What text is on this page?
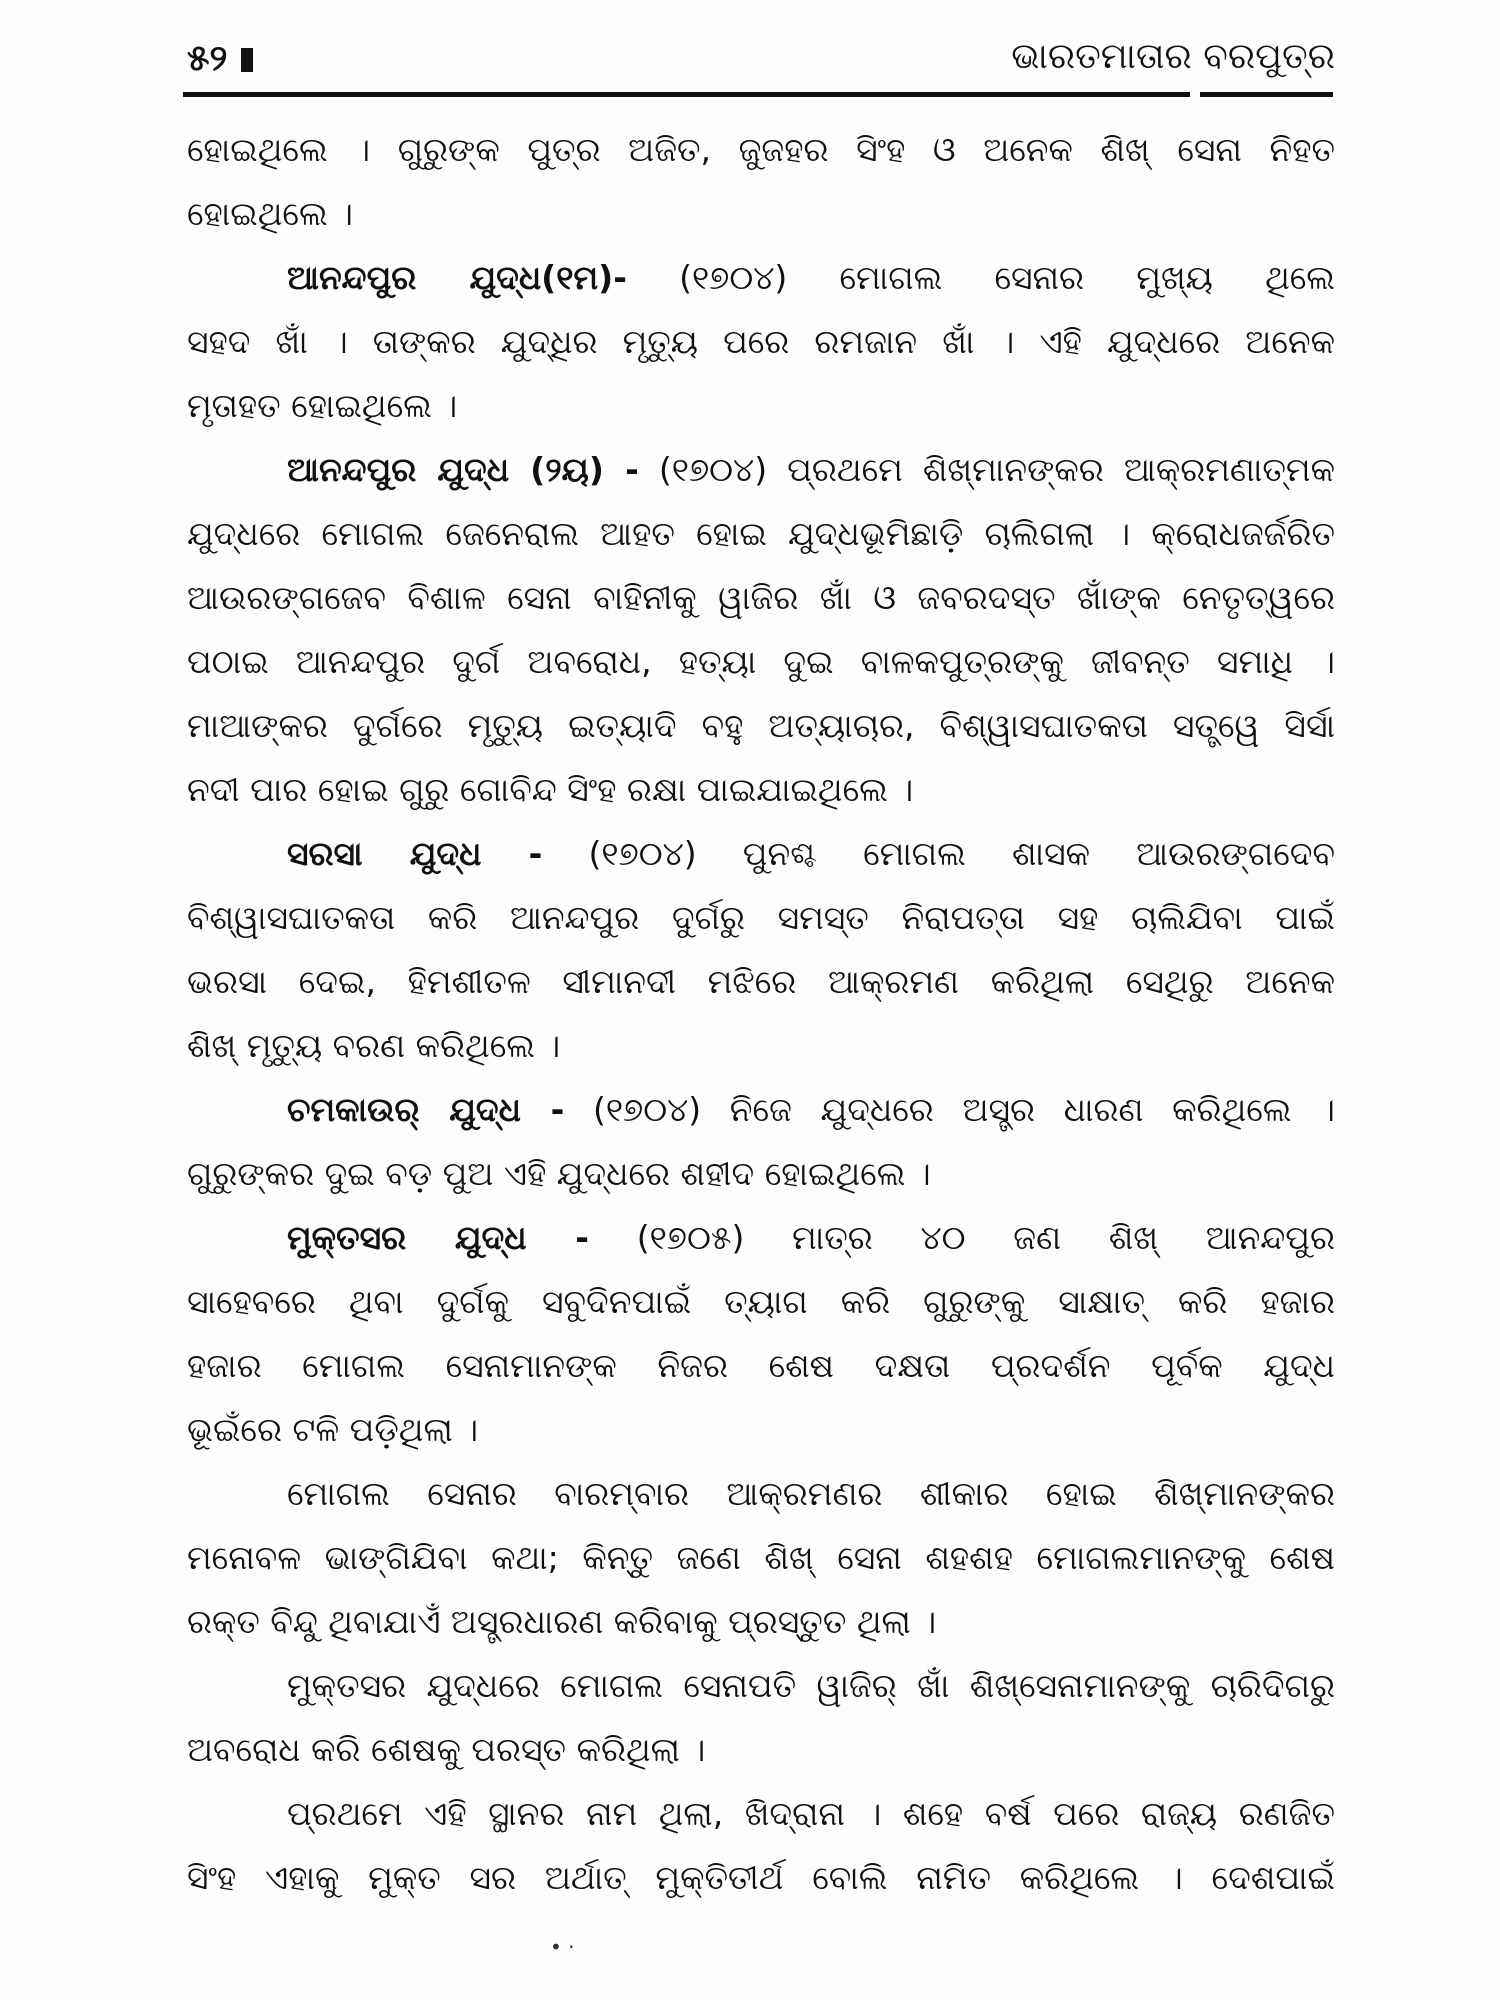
୫୨	ଭାରତମାତାର ବରପୁତ୍ର
ହୋଇଥିଲେ । ଗୁରୁଙ୍କ ପୁତ୍ର ଅଜିତ, ଜୁଜହର ସିଂହ ଓ ଅନେକ ଶିଖ୍ ସେନା ନିହତ
ହୋଇଥିଲେ ।
ଆନନ୍ଦପୁର ଯୁଦ୍ଧ(୧ମ)- (୧୭୦୪) ମୋଗଲ ସେନାର ମୁଖ୍ୟ ଥିଲେ
ସହଦ ଖାଁ । ତାଙ୍କର ଯୁଦ୍ଧିର ମୃତ୍ୟୁ ପରେ ରମଜାନ ଖାଁ । ଏହି ଯୁଦ୍ଧରେ ଅନେକ
ମୃତାହତ ହୋଇଥିଲେ ।
ଆନନ୍ଦପୁର ଯୁଦ୍ଧ (୨ୟ) - (୧୭୦୪) ପ୍ରଥମେ ଶିଖ୍ମାନଙ୍କର ଆକ୍ରମଣାତ୍ମକ
ଯୁଦ୍ଧରେ ମୋଗଲ ଜେନେରାଲ ଆହତ ହୋଇ ଯୁଦ୍ଧଭୂମିଛାଡ଼ି ଚାଲିଗଲା । କ୍ରୋଧଜର୍ଜରିତ
ଆଉରଙ୍ଗଜେବ ବିଶାଳ ସେନା ବାହିନୀକୁ ୱାଜିର ଖାଁ ଓ ଜବରଦସ୍ତ ଖାଁଙ୍କ ନେତୃତ୍ୱରେ
ପଠାଇ ଆନନ୍ଦପୁର ଦୁର୍ଗ ଅବରୋଧ, ହତ୍ୟା ଦୁଇ ବାଳକପୁତ୍ରଙ୍କୁ ଜୀବନ୍ତ ସମାଧି ।
ମାଆଙ୍କର ଦୁର୍ଗରେ ମୃତ୍ୟୁ ଇତ୍ୟାଦି ବହୁ ଅତ୍ୟାଚାର, ବିଶ୍ୱାସଘାତକତା ସତ୍ତ୍ୱେ ସିର୍ସା
ନଦୀ ପାର ହୋଇ ଗୁରୁ ଗୋବିନ୍ଦ ସିଂହ ରକ୍ଷା ପାଇଯାଇଥିଲେ ।
ସରସା ଯୁଦ୍ଧ - (୧୭୦୪) ପୁନଶ୍ଚ ମୋଗଲ ଶାସକ ଆଉରଙ୍ଗଦେବ
ବିଶ୍ୱାସଘାତକତା କରି ଆନନ୍ଦପୁର ଦୁର୍ଗରୁ ସମସ୍ତ ନିରାପତ୍ତା ସହ ଚାଲିଯିବା ପାଇଁ
ଭରସା ଦେଇ, ହିମଶୀତଳ ସୀମାନଦୀ ମଝିରେ ଆକ୍ରମଣ କରିଥିଲା ସେଥିରୁ ଅନେକ
ଶିଖ୍ ମୃତ୍ୟୁ ବରଣ କରିଥିଲେ ।
ଚମକାଉର୍ ଯୁଦ୍ଧ - (୧୭୦୪) ନିଜେ ଯୁଦ୍ଧରେ ଅସ୍ତ୍ର ଧାରଣ କରିଥିଲେ ।
ଗୁରୁଙ୍କର ଦୁଇ ବଡ଼ ପୁଅ ଏହି ଯୁଦ୍ଧରେ ଶହୀଦ ହୋଇଥିଲେ ।
ମୁକ୍ତସର ଯୁଦ୍ଧ - (୧୭୦୫) ମାତ୍ର ୪୦ ଜଣ ଶିଖ୍ ଆନନ୍ଦପୁର
ସାହେବରେ ଥିବା ଦୁର୍ଗକୁ ସବୁଦିନପାଇଁ ତ୍ୟାଗ କରି ଗୁରୁଙ୍କୁ ସାକ୍ଷାତ୍ କରି ହଜାର
ହଜାର ମୋଗଲ ସେନାମାନଙ୍କ ନିଜର ଶେଷ ଦକ୍ଷତା ପ୍ରଦର୍ଶନ ପୂର୍ବକ ଯୁଦ୍ଧ
ଭୂଇଁରେ ଟଳି ପଡ଼ିଥିଲା ।
ମୋଗଲ ସେନାର ବାରମ୍ବାର ଆକ୍ରମଣର ଶୀକାର ହୋଇ ଶିଖ୍ମାନଙ୍କର
ମନୋବଳ ଭାଙ୍ଗିଯିବା କଥା; କିନ୍ତୁ ଜଣେ ଶିଖ୍ ସେନା ଶହଶହ ମୋଗଲମାନଙ୍କୁ ଶେଷ
ରକ୍ତ ବିନ୍ଦୁ ଥିବାଯାଏଁ ଅସ୍ତ୍ରଧାରଣ କରିବାକୁ ପ୍ରସ୍ତୁତ ଥିଲା ।
ମୁକ୍ତସର ଯୁଦ୍ଧରେ ମୋଗଲ ସେନାପତି ୱାଜିର୍ ଖାଁ ଶିଖ୍ସେନାମାନଙ୍କୁ ଚାରିଦିଗରୁ
ଅବରୋଧ କରି ଶେଷକୁ ପରସ୍ତ କରିଥିଲା ।
ପ୍ରଥମେ ଏହି ସ୍ଥାନର ନାମ ଥିଲା, ଖିଦ୍ରାନା । ଶହେ ବର୍ଷ ପରେ ରାଜ୍ୟ ରଣଜିତ
ସିଂହ ଏହାକୁ ମୁକ୍ତ ସର ଅର୍ଥାତ୍ ମୁକ୍ତିତୀର୍ଥ ବୋଲି ନାମିତ କରିଥିଲେ । ଦେଶପାଇଁ
• ·
